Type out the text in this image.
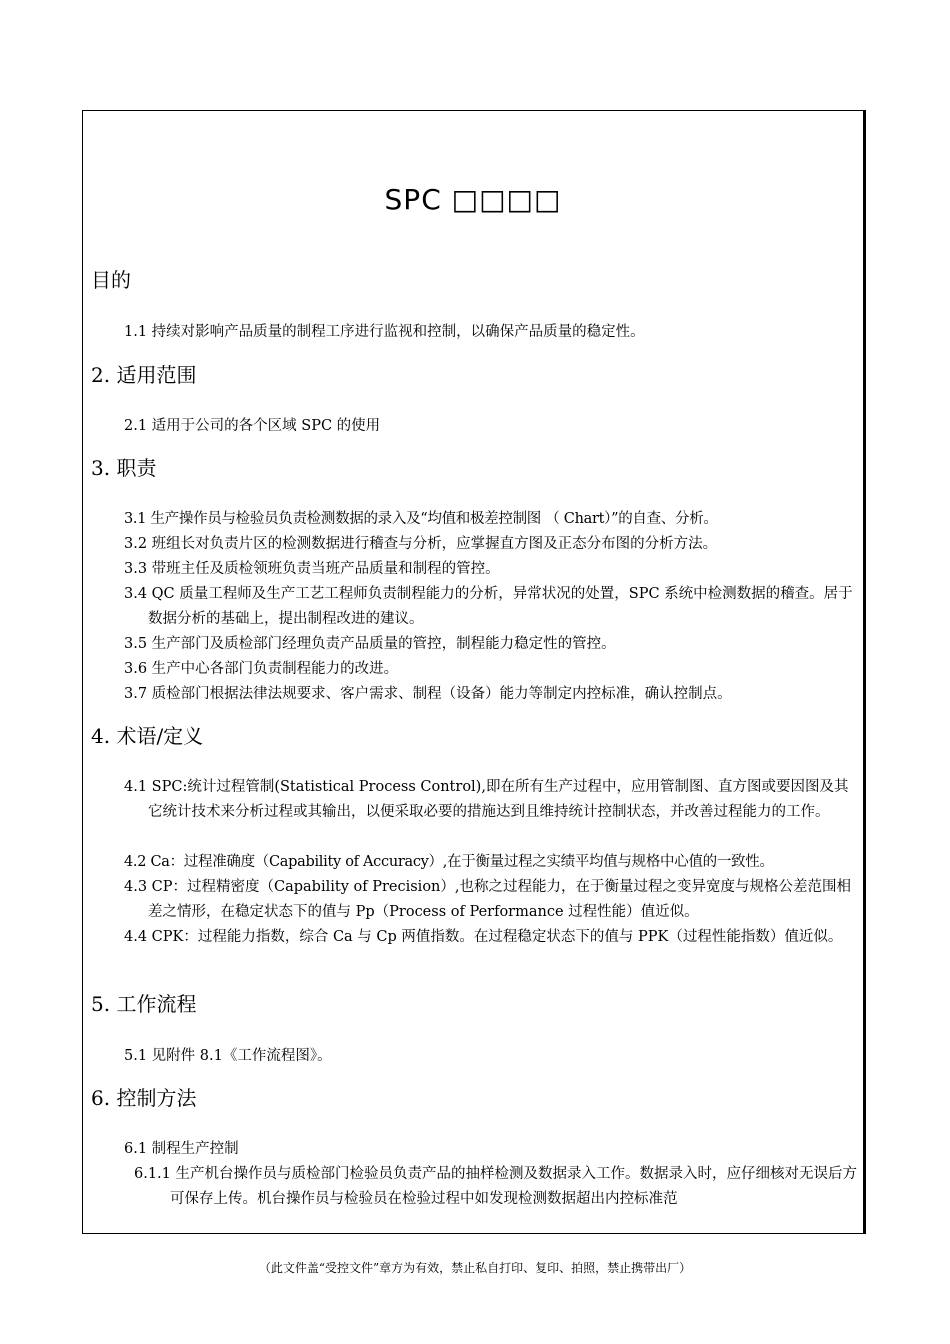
SPC □□□□
目的
1.1 持续对影响产品质量的制程工序进行监视和控制，以确保产品质量的稳定性。
2. 适用范围
2.1 适用于公司的各个区域 SPC 的使用
3. 职责
3.1 生产操作员与检验员负责检测数据的录入及“均值和极差控制图 （ Chart）”的自查、分析。
3.2 班组长对负责片区的检测数据进行稽查与分析，应掌握直方图及正态分布图的分析方法。
3.3 带班主任及质检领班负责当班产品质量和制程的管控。
3.4 QC 质量工程师及生产工艺工程师负责制程能力的分析，异常状况的处置，SPC 系统中检测数据的稽查。居于数据分析的基础上，提出制程改进的建议。
3.5 生产部门及质检部门经理负责产品质量的管控，制程能力稳定性的管控。
3.6 生产中心各部门负责制程能力的改进。
3.7 质检部门根据法律法规要求、客户需求、制程（设备）能力等制定内控标准，确认控制点。
4. 术语/定义
4.1 SPC:统计过程管制(Statistical Process Control),即在所有生产过程中，应用管制图、直方图或要因图及其它统计技术来分析过程或其输出，以便采取必要的措施达到且维持统计控制状态，并改善过程能力的工作。
4.2 Ca：过程准确度（Capability of Accuracy）,在于衡量过程之实绩平均值与规格中心值的一致性。
4.3 CP：过程精密度（Capability of Precision）,也称之过程能力，在于衡量过程之变异宽度与规格公差范围相差之情形，在稳定状态下的值与 Pp（Process of Performance 过程性能）值近似。
4.4 CPK：过程能力指数，综合 Ca 与 Cp 两值指数。在过程稳定状态下的值与 PPK（过程性能指数）值近似。
5. 工作流程
5.1 见附件 8.1《工作流程图》。
6. 控制方法
6.1 制程生产控制
6.1.1 生产机台操作员与质检部门检验员负责产品的抽样检测及数据录入工作。数据录入时，应仔细核对无误后方可保存上传。机台操作员与检验员在检验过程中如发现检测数据超出内控标准范
（此文件盖“受控文件”章方为有效，禁止私自打印、复印、拍照，禁止携带出厂）
